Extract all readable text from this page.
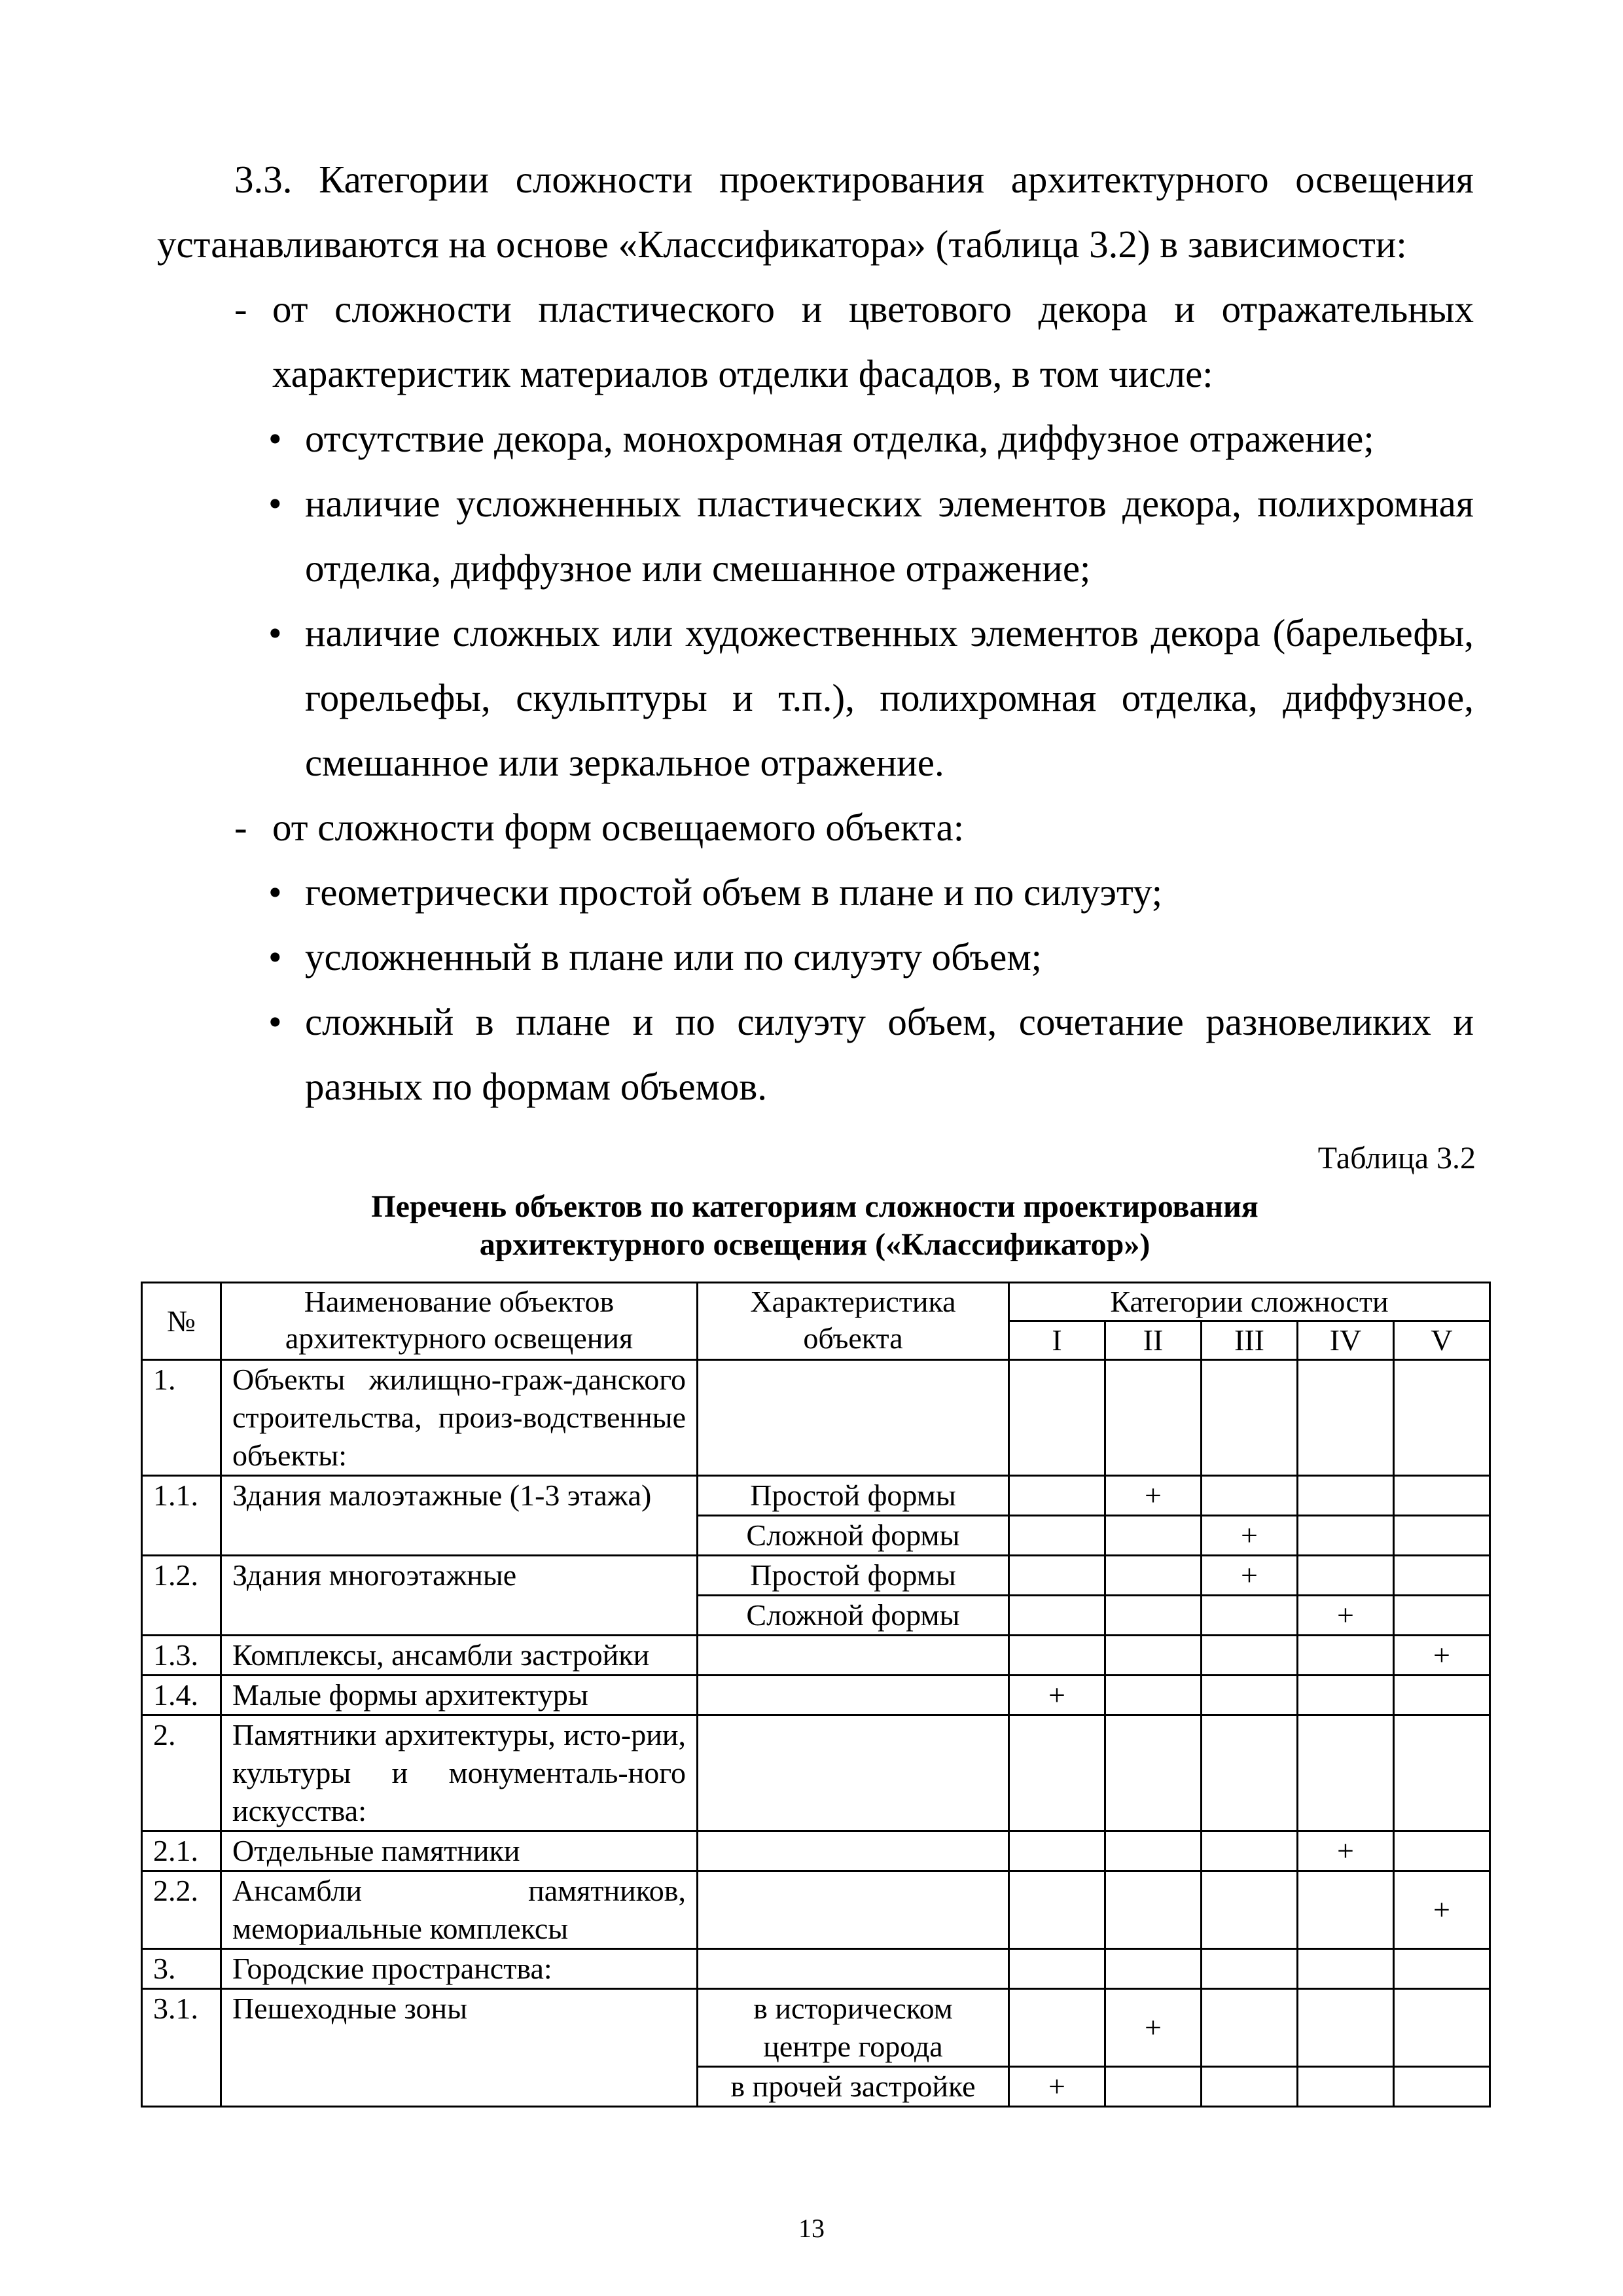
3.3. Категории сложности проектирования архитектурного освещения устанавливаются на основе «Классификатора» (таблица 3.2) в зависимости:

- от сложности пластического и цветового декора и отражательных характеристик материалов отделки фасадов, в том числе:
• отсутствие декора, монохромная отделка, диффузное отражение;
• наличие усложненных пластических элементов декора, полихромная отделка, диффузное или смешанное отражение;
• наличие сложных или художественных элементов декора (барельефы, горельефы, скульптуры и т.п.), полихромная отделка, диффузное, смешанное или зеркальное отражение.
- от сложности форм освещаемого объекта:
• геометрически простой объем в плане и по силуэту;
• усложненный в плане или по силуэту объем;
• сложный в плане и по силуэту объем, сочетание разновеликих и разных по формам объемов.
Таблица 3.2
Перечень объектов по категориям сложности проектирования
архитектурного освещения («Классификатор»)
№	Наименование объектов архитектурного освещения	Характеристика объекта	Категории сложности				
			I	II	III	IV	V
1.	Объекты жилищно-граж-данского строительства, произ-водственные объекты:						
1.1.	Здания малоэтажные (1-3 этажа)	Простой формы		+			
		Сложной формы			+		
1.2.	Здания многоэтажные	Простой формы			+		
		Сложной формы				+	
1.3.	Комплексы, ансамбли застройки						+
1.4.	Малые формы архитектуры		+				
2.	Памятники архитектуры, исто-рии, культуры и монументаль-ного искусства:						
2.1.	Отдельные памятники					+	
2.2.	Ансамбли памятников, мемориальные комплексы						+
3.	Городские пространства:						
3.1.	Пешеходные зоны	в историческом центре города		+			
		в прочей застройке	+				
13
